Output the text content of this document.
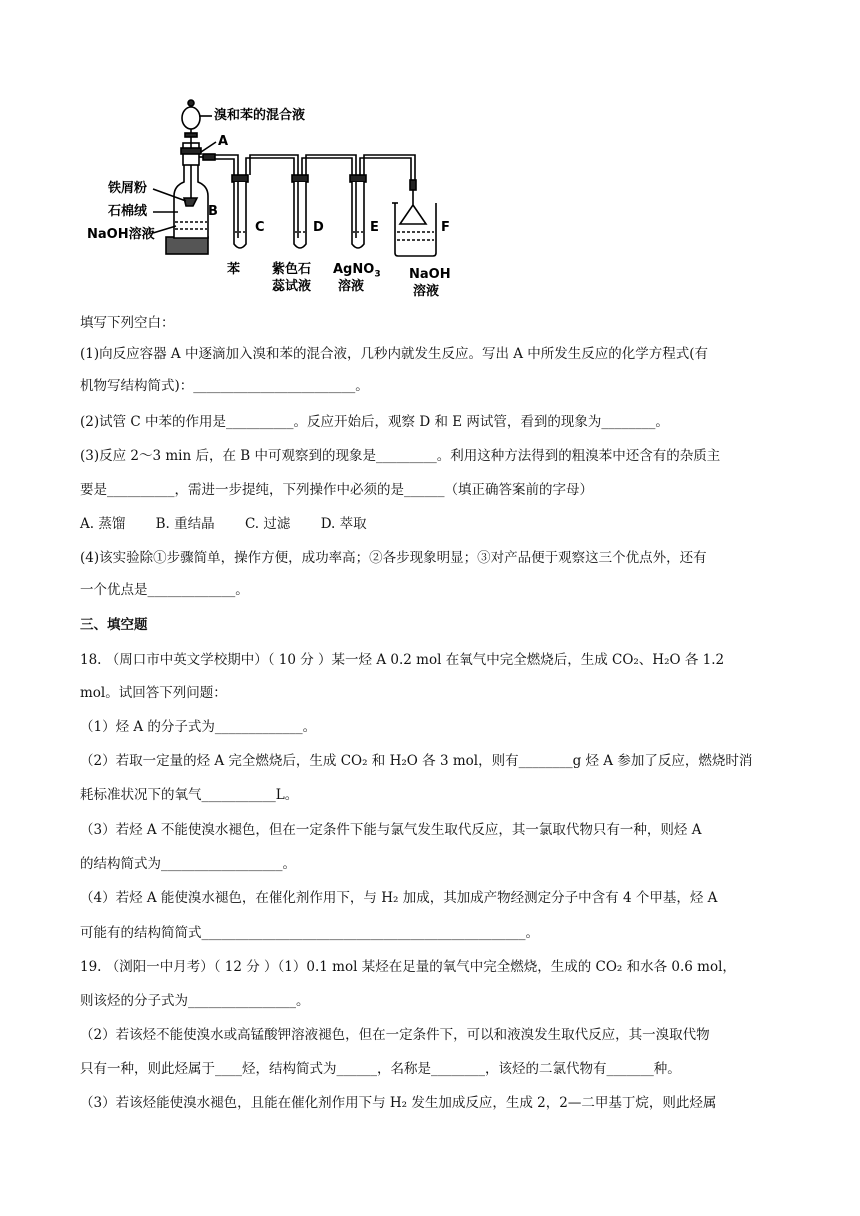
溴和苯的混合液
A
铁屑粉
石棉绒
NaOH溶液
B
C	D	E	F
苯 紫色石
蕊试液
AgNO$_3$
溶液
NaOH
溶液
填写下列空白：
(1)向反应容器 A 中逐滴加入溴和苯的混合液，几秒内就发生反应。写出 A 中所发生反应的化学方程式(有
机物写结构简式)：________________________。
(2)试管 C 中苯的作用是__________。反应开始后，观察 D 和 E 两试管，看到的现象为________。
(3)反应 2～3 min 后，在 B 中可观察到的现象是_________。利用这种方法得到的粗溴苯中还含有的杂质主
要是__________，需进一步提纯，下列操作中必须的是______（填正确答案前的字母）
A. 蒸馏 B. 重结晶 C. 过滤 D. 萃取
(4)该实验除①步骤简单，操作方便，成功率高；②各步现象明显；③对产品便于观察这三个优点外，还有
一个优点是_____________。
三、填空题
18. （周口市中英文学校期中）（ 10 分 ）某一烃 A 0.2 mol 在氧气中完全燃烧后，生成 CO₂、H₂O 各 1.2
mol。试回答下列问题：
（1）烃 A 的分子式为_____________。
（2）若取一定量的烃 A 完全燃烧后，生成 CO₂ 和 H₂O 各 3 mol，则有________g 烃 A 参加了反应，燃烧时消
耗标准状况下的氧气___________L。
（3）若烃 A 不能使溴水褪色，但在一定条件下能与氯气发生取代反应，其一氯取代物只有一种，则烃 A
的结构简式为__________________。
（4）若烃 A 能使溴水褪色，在催化剂作用下，与 H₂ 加成，其加成产物经测定分子中含有 4 个甲基，烃 A
可能有的结构简简式________________________________________________。
19. （浏阳一中月考）（ 12 分 ）（1）0.1 mol 某烃在足量的氧气中完全燃烧，生成的 CO₂ 和水各 0.6 mol，
则该烃的分子式为________________。
（2）若该烃不能使溴水或高锰酸钾溶液褪色，但在一定条件下，可以和液溴发生取代反应，其一溴取代物
只有一种，则此烃属于____烃，结构简式为______，名称是________，该烃的二氯代物有_______种。
（3）若该烃能使溴水褪色，且能在催化剂作用下与 H₂ 发生加成反应，生成 2，2—二甲基丁烷，则此烃属
